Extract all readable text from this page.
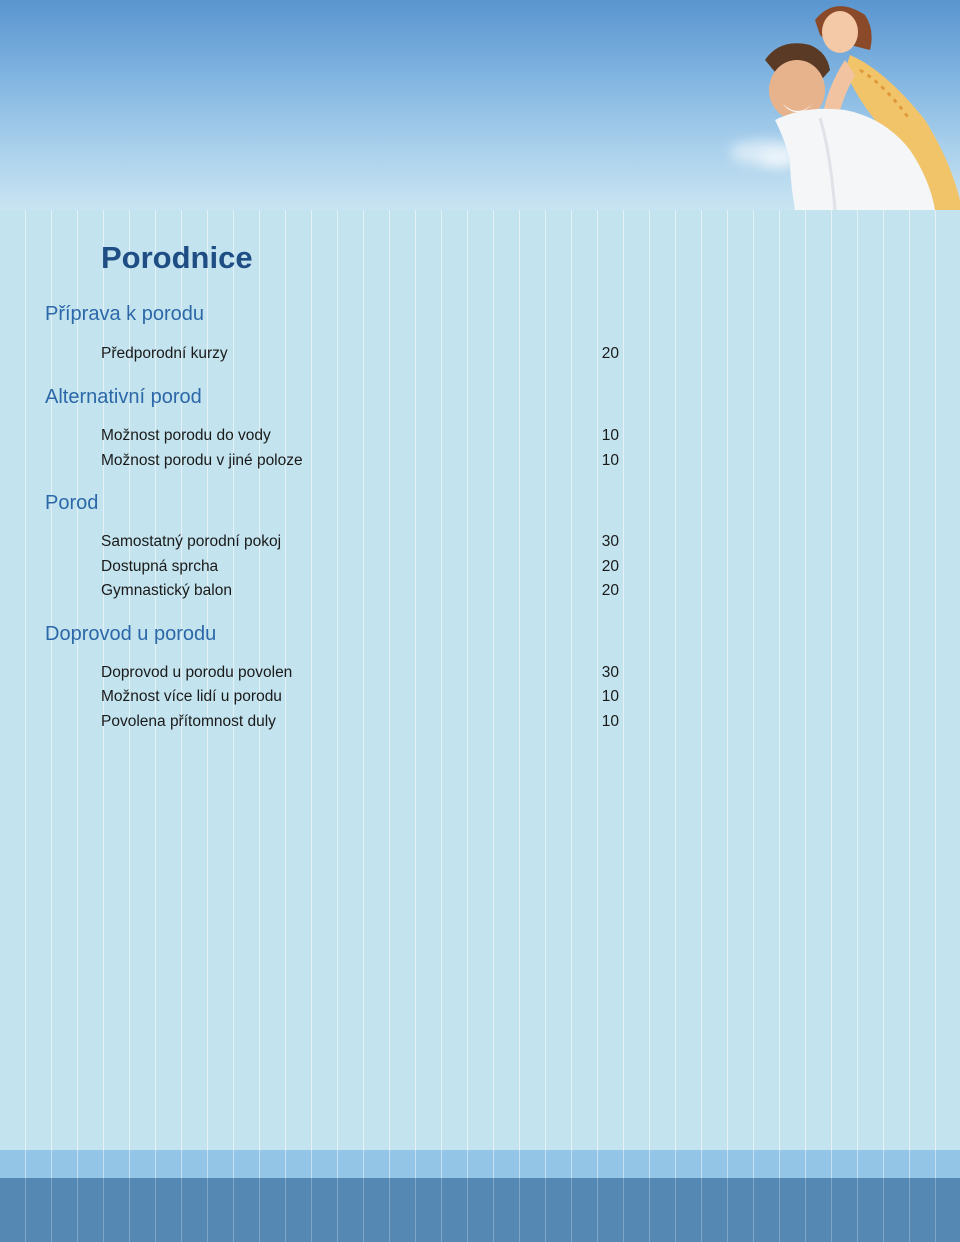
Porodnice
Příprava k porodu
Předporodní kurzy	20
Alternativní porod
Možnost porodu do vody	10
Možnost porodu v jiné poloze	10
Porod
Samostatný porodní pokoj	30
Dostupná sprcha	20
Gymnastický balon	20
Doprovod u porodu
Doprovod u porodu povolen	30
Možnost více lidí u porodu	10
Povolena přítomnost duly	10
